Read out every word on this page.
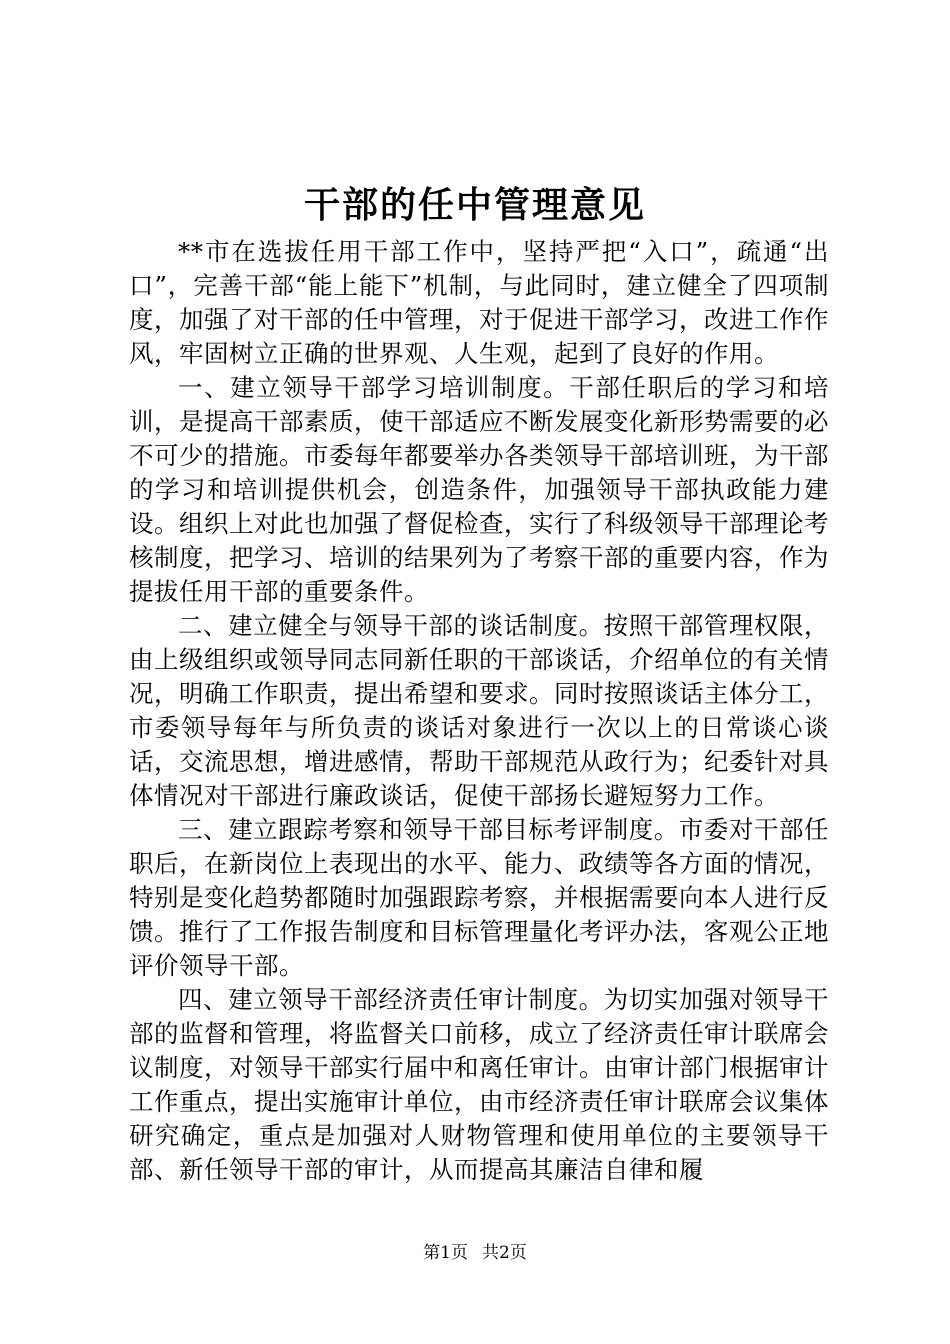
干部的任中管理意见

**市在选拔任用干部工作中，坚持严把“入口”，疏通“出口”，完善干部“能上能下”机制，与此同时，建立健全了四项制度，加强了对干部的任中管理，对于促进干部学习，改进工作作风，牢固树立正确的世界观、人生观，起到了良好的作用。

一、建立领导干部学习培训制度。干部任职后的学习和培训，是提高干部素质，使干部适应不断发展变化新形势需要的必不可少的措施。市委每年都要举办各类领导干部培训班，为干部的学习和培训提供机会，创造条件，加强领导干部执政能力建设。组织上对此也加强了督促检查，实行了科级领导干部理论考核制度，把学习、培训的结果列为了考察干部的重要内容，作为提拔任用干部的重要条件。

二、建立健全与领导干部的谈话制度。按照干部管理权限，由上级组织或领导同志同新任职的干部谈话，介绍单位的有关情况，明确工作职责，提出希望和要求。同时按照谈话主体分工，市委领导每年与所负责的谈话对象进行一次以上的日常谈心谈话，交流思想，增进感情，帮助干部规范从政行为；纪委针对具体情况对干部进行廉政谈话，促使干部扬长避短努力工作。

三、建立跟踪考察和领导干部目标考评制度。市委对干部任职后，在新岗位上表现出的水平、能力、政绩等各方面的情况，特别是变化趋势都随时加强跟踪考察，并根据需要向本人进行反馈。推行了工作报告制度和目标管理量化考评办法，客观公正地评价领导干部。

四、建立领导干部经济责任审计制度。为切实加强对领导干部的监督和管理，将监督关口前移，成立了经济责任审计联席会议制度，对领导干部实行届中和离任审计。由审计部门根据审计工作重点，提出实施审计单位，由市经济责任审计联席会议集体研究确定，重点是加强对人财物管理和使用单位的主要领导干部、新任领导干部的审计，从而提高其廉洁自律和履

第1页 共2页
